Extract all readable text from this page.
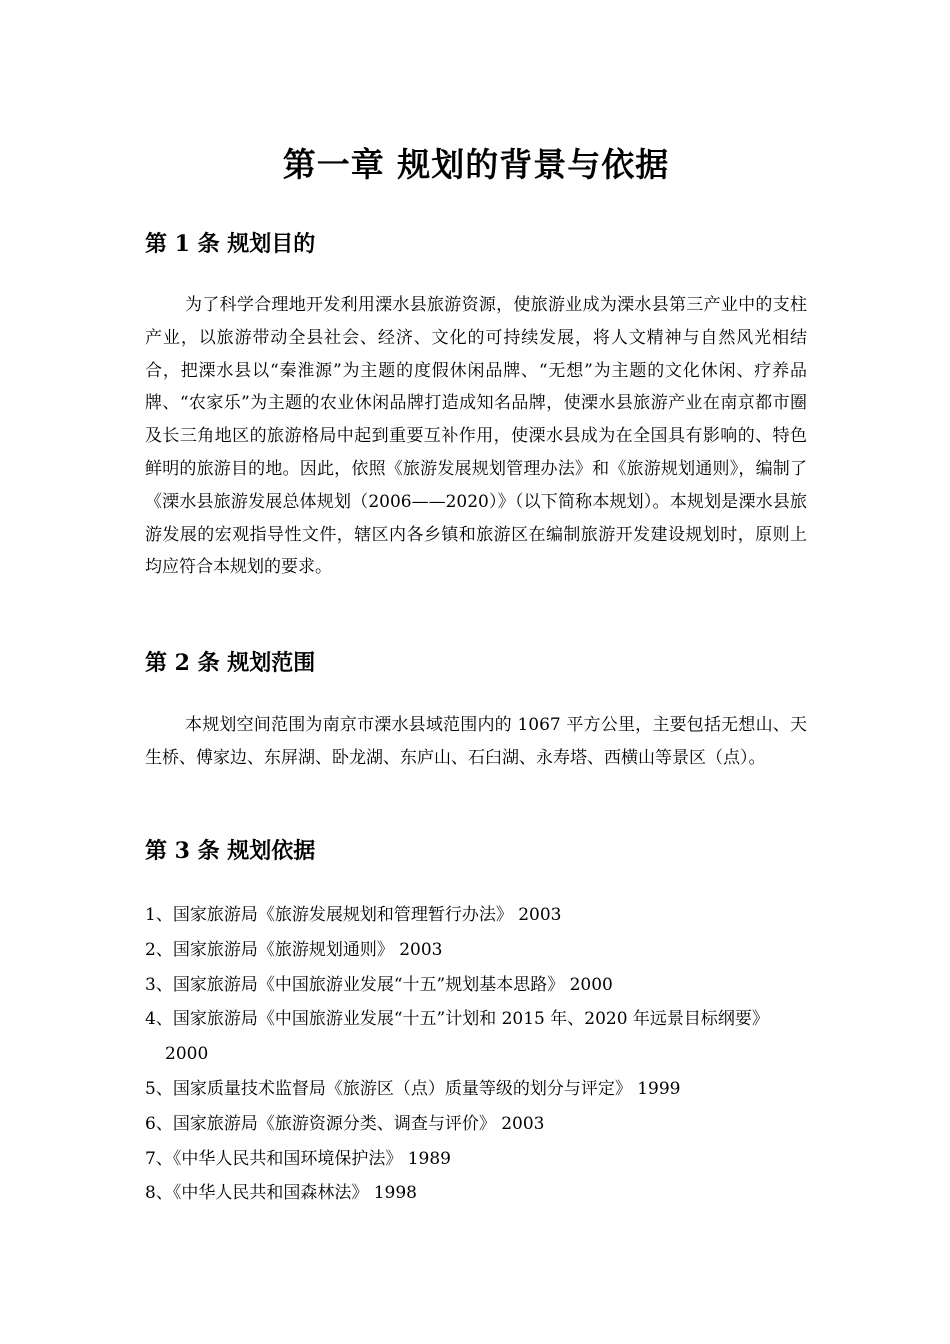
第一章 规划的背景与依据
第 1 条 规划目的

为了科学合理地开发利用溧水县旅游资源，使旅游业成为溧水县第三产业中的支柱产业，以旅游带动全县社会、经济、文化的可持续发展，将人文精神与自然风光相结合，把溧水县以“秦淮源”为主题的度假休闲品牌、“无想”为主题的文化休闲、疗养品牌、“农家乐”为主题的农业休闲品牌打造成知名品牌，使溧水县旅游产业在南京都市圈及长三角地区的旅游格局中起到重要互补作用，使溧水县成为在全国具有影响的、特色鲜明的旅游目的地。因此，依照《旅游发展规划管理办法》和《旅游规划通则》，编制了《溧水县旅游发展总体规划（2006——2020）》（以下简称本规划）。本规划是溧水县旅游发展的宏观指导性文件，辖区内各乡镇和旅游区在编制旅游开发建设规划时，原则上均应符合本规划的要求。

第 2 条 规划范围

本规划空间范围为南京市溧水县域范围内的 1067 平方公里，主要包括无想山、天生桥、傅家边、东屏湖、卧龙湖、东庐山、石臼湖、永寿塔、西横山等景区（点）。

第 3 条 规划依据
1、国家旅游局《旅游发展规划和管理暂行办法》 2003
2、国家旅游局《旅游规划通则》 2003
3、国家旅游局《中国旅游业发展“十五”规划基本思路》 2000
4、国家旅游局《中国旅游业发展“十五”计划和 2015 年、2020 年远景目标纲要》 2000
5、国家质量技术监督局《旅游区（点）质量等级的划分与评定》 1999
6、国家旅游局《旅游资源分类、调查与评价》 2003
7、《中华人民共和国环境保护法》 1989
8、《中华人民共和国森林法》 1998
